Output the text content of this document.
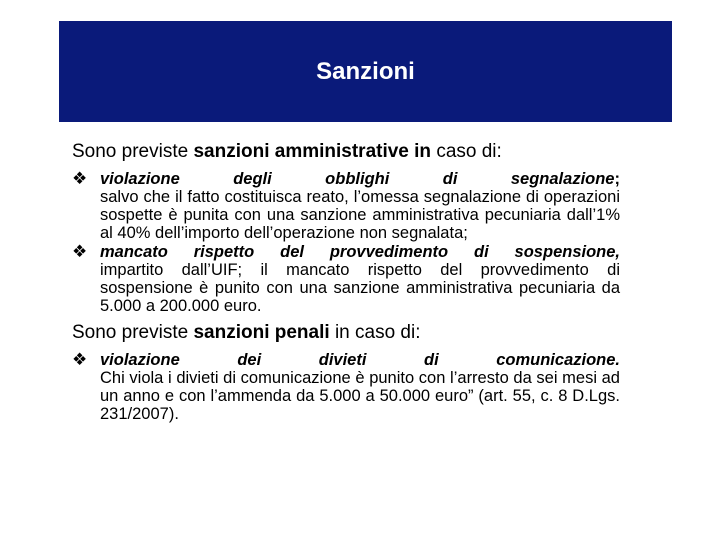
Sanzioni

Sono previste sanzioni amministrative in caso di:

❖ violazione degli obblighi di segnalazione;
salvo che il fatto costituisca reato, l’omessa segnalazione di operazioni sospette è punita con una sanzione amministrativa pecuniaria dall’1% al 40% dell’importo dell’operazione non segnalata;
❖ mancato rispetto del provvedimento di sospensione,
impartito dall’UIF; il mancato rispetto del provvedimento di sospensione è punito con una sanzione amministrativa pecuniaria da 5.000 a 200.000 euro.

Sono previste sanzioni penali in caso di:

❖ violazione dei divieti di comunicazione.
Chi viola i divieti di comunicazione è punito con l’arresto da sei mesi ad un anno e con l’ammenda da 5.000 a 50.000 euro” (art. 55, c. 8 D.Lgs. 231/2007).
